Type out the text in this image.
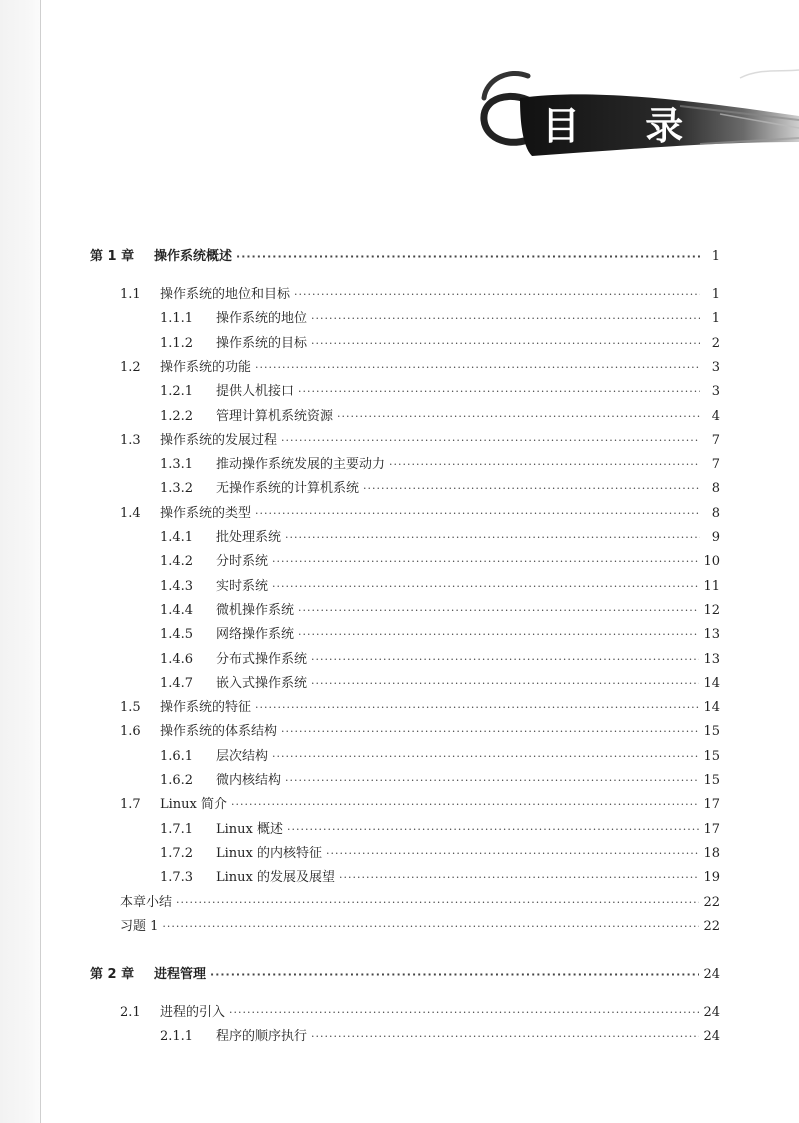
目 录
第 1 章	操作系统概述 ·····	1
1.1	操作系统的地位和目标 ·····	1
1.1.1	操作系统的地位 ·····	1
1.1.2	操作系统的目标 ·····	2
1.2	操作系统的功能 ·····	3
1.2.1	提供人机接口 ·····	3
1.2.2	管理计算机系统资源 ·····	4
1.3	操作系统的发展过程 ·····	7
1.3.1	推动操作系统发展的主要动力 ·····	7
1.3.2	无操作系统的计算机系统 ·····	8
1.4	操作系统的类型 ·····	8
1.4.1	批处理系统 ·····	9
1.4.2	分时系统 ·····	10
1.4.3	实时系统 ·····	11
1.4.4	微机操作系统 ·····	12
1.4.5	网络操作系统 ·····	13
1.4.6	分布式操作系统 ·····	13
1.4.7	嵌入式操作系统 ·····	14
1.5	操作系统的特征 ·····	14
1.6	操作系统的体系结构 ·····	15
1.6.1	层次结构 ·····	15
1.6.2	微内核结构 ·····	15
1.7	Linux 简介 ·····	17
1.7.1	Linux 概述 ·····	17
1.7.2	Linux 的内核特征 ·····	18
1.7.3	Linux 的发展及展望 ·····	19
本章小结 ·····	22
习题 1 ·····	22
第 2 章	进程管理 ·····	24
2.1	进程的引入 ·····	24
2.1.1	程序的顺序执行 ·····	24
